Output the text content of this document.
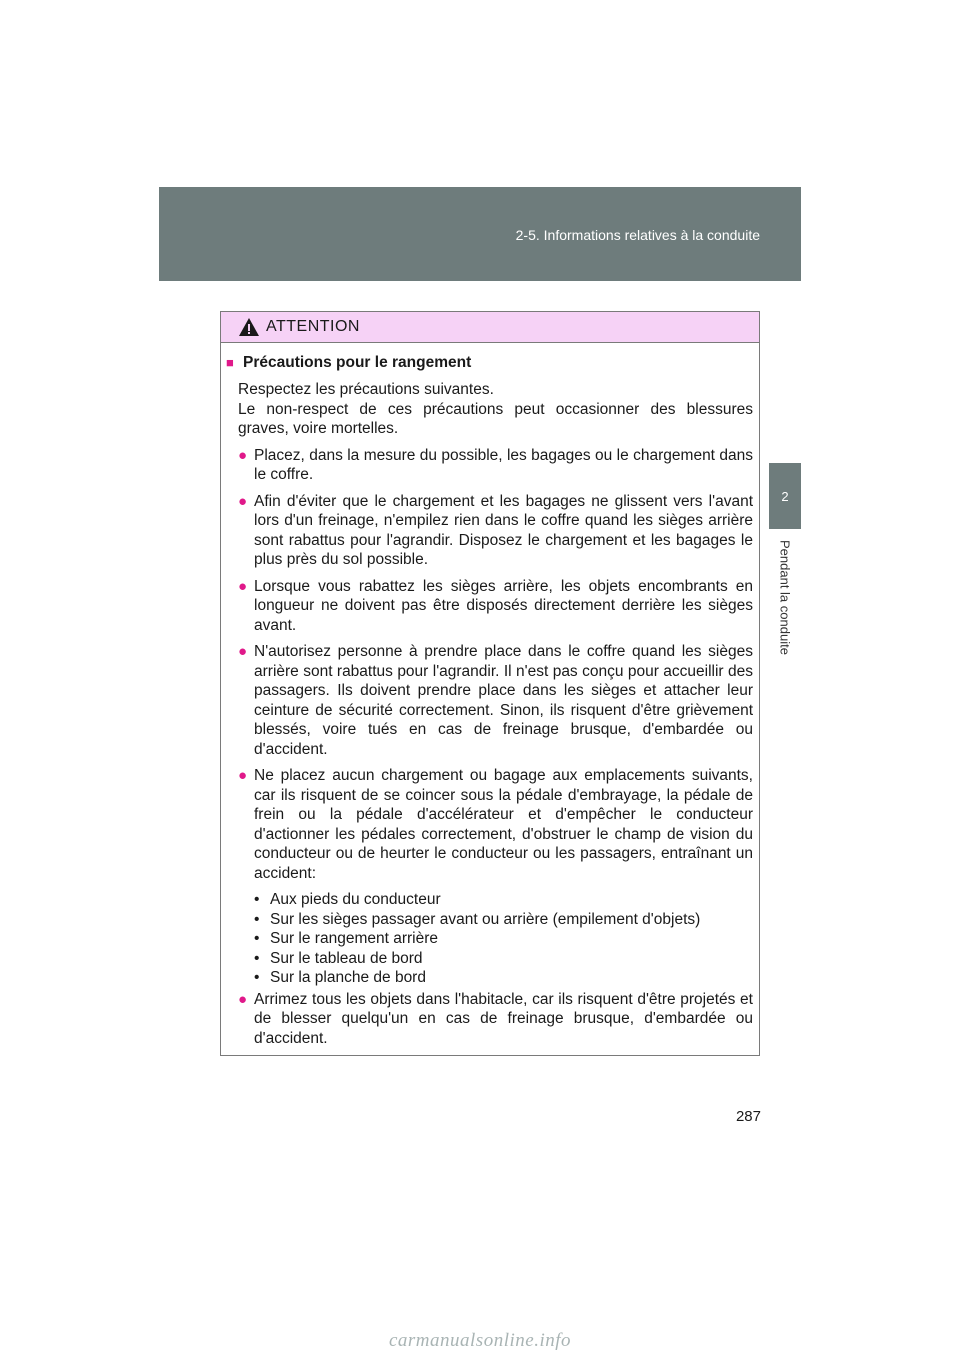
2-5. Informations relatives à la conduite
2
Pendant la conduite
ATTENTION
■ Précautions pour le rangement
Respectez les précautions suivantes.
Le non-respect de ces précautions peut occasionner des blessures graves, voire mortelles.
● Placez, dans la mesure du possible, les bagages ou le chargement dans le coffre.
● Afin d'éviter que le chargement et les bagages ne glissent vers l'avant lors d'un freinage, n'empilez rien dans le coffre quand les sièges arrière sont rabattus pour l'agrandir. Disposez le chargement et les bagages le plus près du sol possible.
● Lorsque vous rabattez les sièges arrière, les objets encombrants en longueur ne doivent pas être disposés directement derrière les sièges avant.
● N'autorisez personne à prendre place dans le coffre quand les sièges arrière sont rabattus pour l'agrandir. Il n'est pas conçu pour accueillir des passagers. Ils doivent prendre place dans les sièges et attacher leur ceinture de sécurité correctement. Sinon, ils risquent d'être grièvement blessés, voire tués en cas de freinage brusque, d'embardée ou d'accident.
● Ne placez aucun chargement ou bagage aux emplacements suivants, car ils risquent de se coincer sous la pédale d'embrayage, la pédale de frein ou la pédale d'accélérateur et d'empêcher le conducteur d'actionner les pédales correctement, d'obstruer le champ de vision du conducteur ou de heurter le conducteur ou les passagers, entraînant un accident:
• Aux pieds du conducteur
• Sur les sièges passager avant ou arrière (empilement d'objets)
• Sur le rangement arrière
• Sur le tableau de bord
• Sur la planche de bord
● Arrimez tous les objets dans l'habitacle, car ils risquent d'être projetés et de blesser quelqu'un en cas de freinage brusque, d'embardée ou d'accident.
287
carmanualsonline.info
